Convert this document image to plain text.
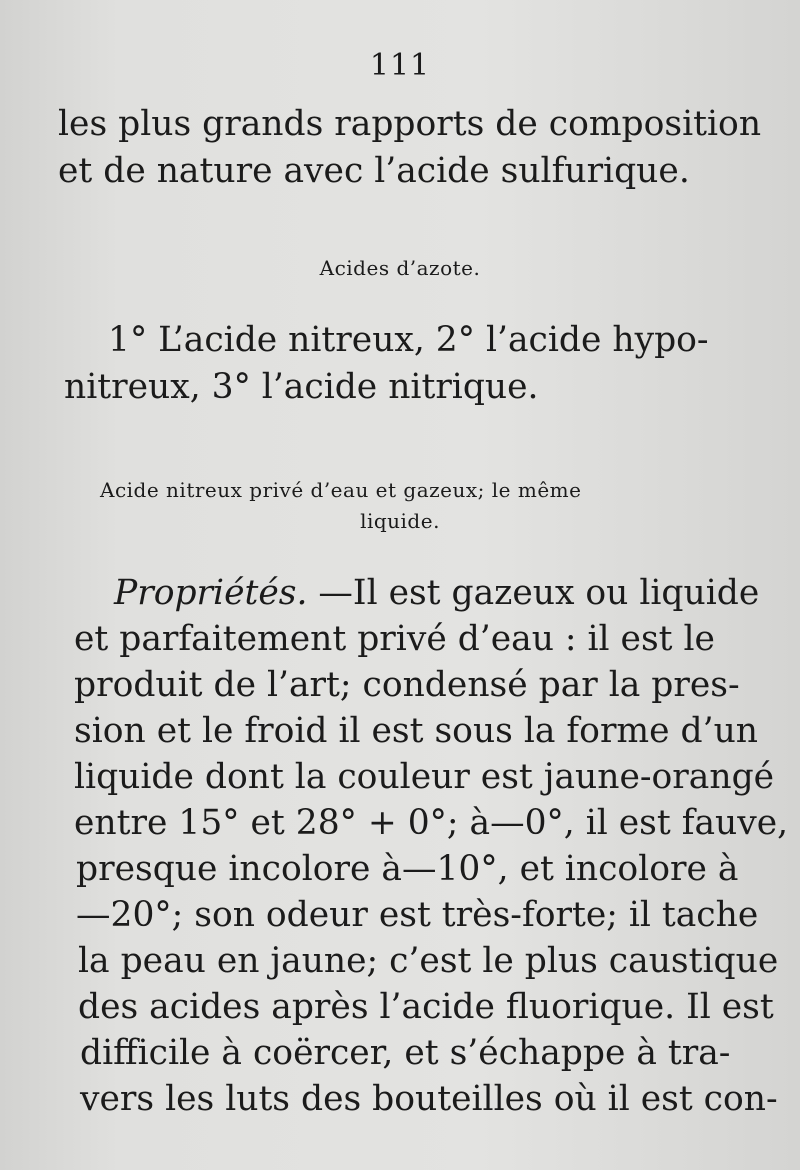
111
les plus grands rapports de composition
et de nature avec l’acide sulfurique.
Acides d’azote.
1° L’acide nitreux, 2° l’acide hypo-
nitreux, 3° l’acide nitrique.
Acide nitreux privé d’eau et gazeux; le même
liquide.
Propriétés. —Il est gazeux ou liquide
et parfaitement privé d’eau : il est le
produit de l’art; condensé par la pres-
sion et le froid il est sous la forme d’un
liquide dont la couleur est jaune-orangé
entre 15° et 28° + 0°; à—0°, il est fauve,
presque incolore à—10°, et incolore à
—20°; son odeur est très-forte; il tache
la peau en jaune; c’est le plus caustique
des acides après l’acide fluorique. Il est
difficile à coërcer, et s’échappe à tra-
vers les luts des bouteilles où il est con-
